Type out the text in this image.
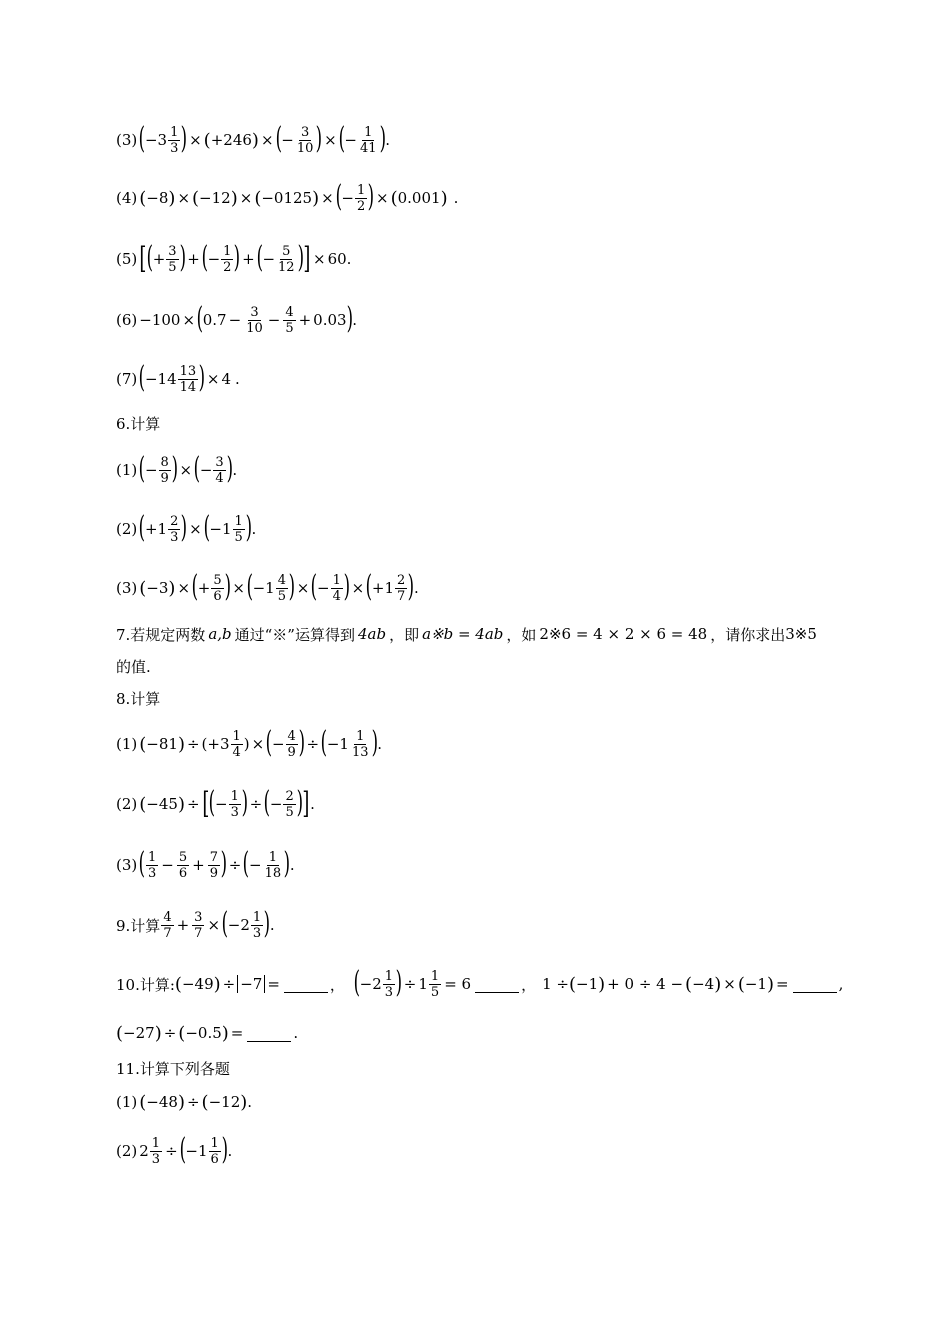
(3) ( $-3 \frac{1}{3}$ ) × ( +246 ) × ( − $\frac{3}{10}$ ) × ( − $\frac{1}{41}$ ) .
(4) ( −8 ) × ( −12 ) × ( −0125 ) × ( − $\frac{1}{2}$ ) × ( 0.001 ) .
(5) [ ( + $\frac{3}{5}$ ) + ( − $\frac{1}{2}$ ) + ( − $\frac{5}{12}$ ) ] × 60 .
(6) −100 × ( $0.7 - \frac{3}{10} - \frac{4}{5} + 0.03$ ) .
(7) ( $-14 \frac{13}{14}$ ) × 4 .
6.计算
(1) ( − $\frac{8}{9}$ ) × ( − $\frac{3}{4}$ ) .
(2) ( $+1 \frac{2}{3}$ ) × ( $-1 \frac{1}{5}$ ) .
(3) ( −3 ) × ( + $\frac{5}{6}$ ) × ( $-1 \frac{4}{5}$ ) × ( − $\frac{1}{4}$ ) × ( $+1 \frac{2}{7}$ ) .
7.若规定两数 a,b 通过“※”运算得到 4ab ，即 a※b = 4ab ，如 2※6 = 4 × 2 × 6 = 48 ，请你求出 3※5
的值.
8.计算
(1) ( −81 ) ÷ ($+3 \frac{1}{4}$ ) × ( − $\frac{4}{9}$ ) ÷ ( $-1 \frac{1}{13}$ ) .
(2) ( −45 ) ÷ [ ( − $\frac{1}{3}$ ) ÷ ( − $\frac{2}{5}$ ) ] .
(3) ( $\frac{1}{3} - \frac{5}{6} + \frac{7}{9}$ ) ÷ ( − $\frac{1}{18}$ ) .
9.计算 $\frac{4}{7} + \frac{3}{7}$ × ( $-2 \frac{1}{3}$ ) .
10.计算: ( −49 ) ÷ −7 =	， ( $-2 \frac{1}{3}$ ) ÷ $1 \frac{1}{5} = 6$	， 1 ÷ ( −1 ) + 0 ÷ 4 − ( −4 ) × ( −1 ) =	,
( −27 ) ÷ ( −0.5 ) =	.
11.计算下列各题
(1) ( −48 ) ÷ ( −12 ) .
(2) $2 \frac{1}{3}$ ÷ ( $-1 \frac{1}{6}$ ) .
